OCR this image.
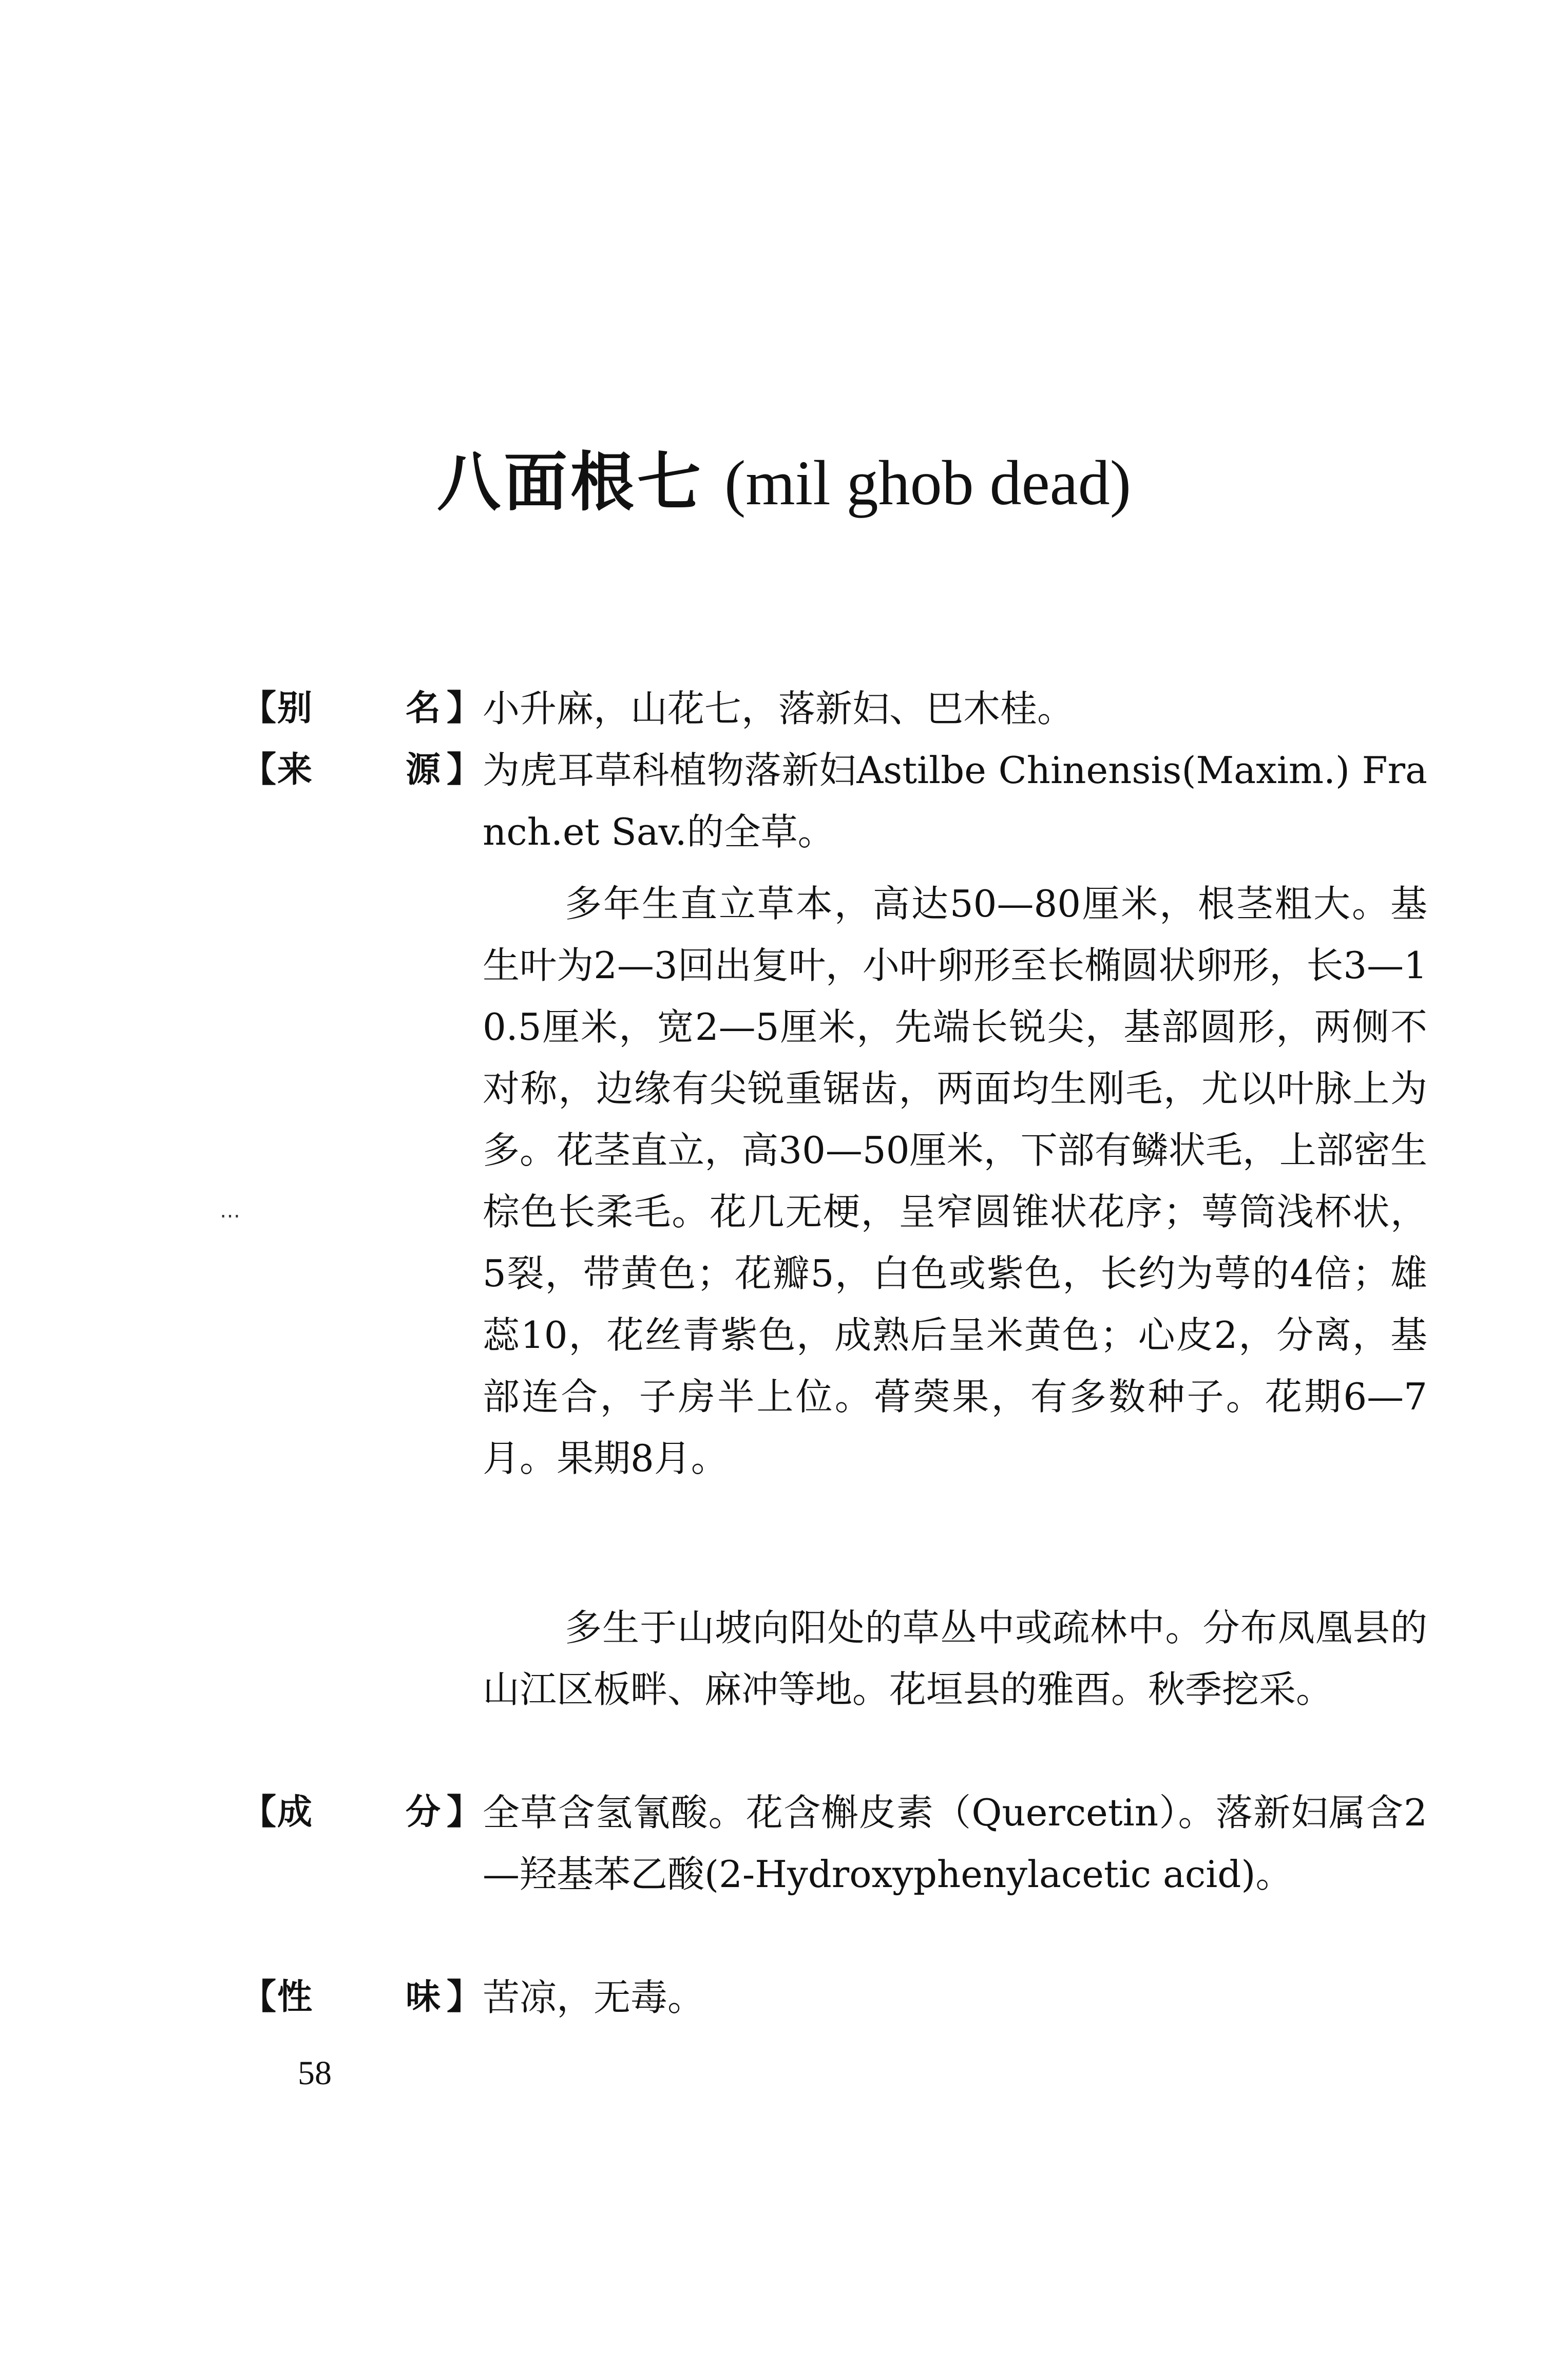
八面根七 (mil ghob dead)
【 别	名 】 小升麻，山花七，落新妇、巴木桂。
【 来	源 】 为虎耳草科植物落新妇Astilbe Chinensis(Maxim.) Franch.et Sav.的全草。
多年生直立草本，高达50—80厘米，根茎粗大。基生叶为2—3回出复叶，小叶卵形至长椭圆状卵形，长3—10.5厘米，宽2—5厘米，先端长锐尖，基部圆形，两侧不对称，边缘有尖锐重锯齿，两面均生刚毛，尤以叶脉上为多。花茎直立，高30—50厘米，下部有鳞状毛，上部密生棕色长柔毛。花几无梗，呈窄圆锥状花序；萼筒浅杯状，5裂，带黄色；花瓣5，白色或紫色，长约为萼的4倍；雄蕊10，花丝青紫色，成熟后呈米黄色；心皮2，分离，基部连合，子房半上位。蓇葖果，有多数种子。花期6—7月。果期8月。
多生于山坡向阳处的草丛中或疏林中。分布凤凰县的山江区板畔、麻冲等地。花垣县的雅酉。秋季挖采。
⋯
【 成	分 】 全草含氢氰酸。花含槲皮素（Quercetin）。落新妇属含2—羟基苯乙酸(2-Hydroxyphenylacetic acid)。
【 性	味 】 苦凉，无毒。
58
